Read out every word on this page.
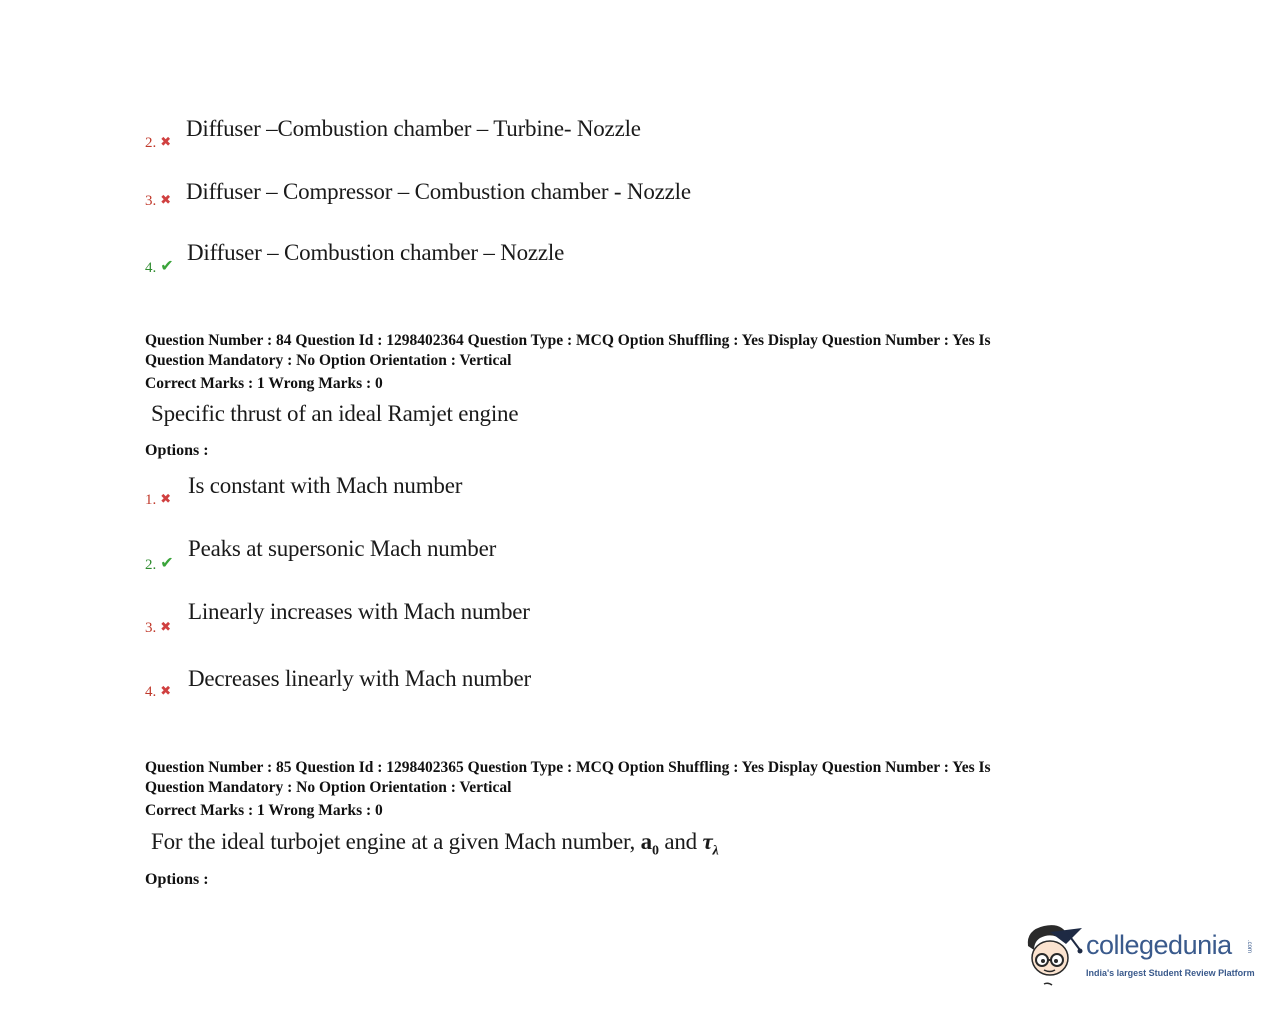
2. ✖
Diffuser –Combustion chamber – Turbine- Nozzle
3. ✖ Diffuser – Compressor – Combustion chamber - Nozzle
4. ✔
Diffuser – Combustion chamber – Nozzle
Question Number : 84 Question Id : 1298402364 Question Type : MCQ Option Shuffling : Yes Display Question Number : Yes Is
Question Mandatory : No Option Orientation : Vertical
Correct Marks : 1 Wrong Marks : 0
Specific thrust of an ideal Ramjet engine
Options :
1. ✖
Is constant with Mach number
2. ✔
Peaks at supersonic Mach number
3. ✖
Linearly increases with Mach number
4. ✖ Decreases linearly with Mach number
Question Number : 85 Question Id : 1298402365 Question Type : MCQ Option Shuffling : Yes Display Question Number : Yes Is
Question Mandatory : No Option Orientation : Vertical
Correct Marks : 1 Wrong Marks : 0
For the ideal turbojet engine at a given Mach number, $a_0$ and $\tau_\lambda$
Options :
collegedunia .com
India's largest Student Review Platform
